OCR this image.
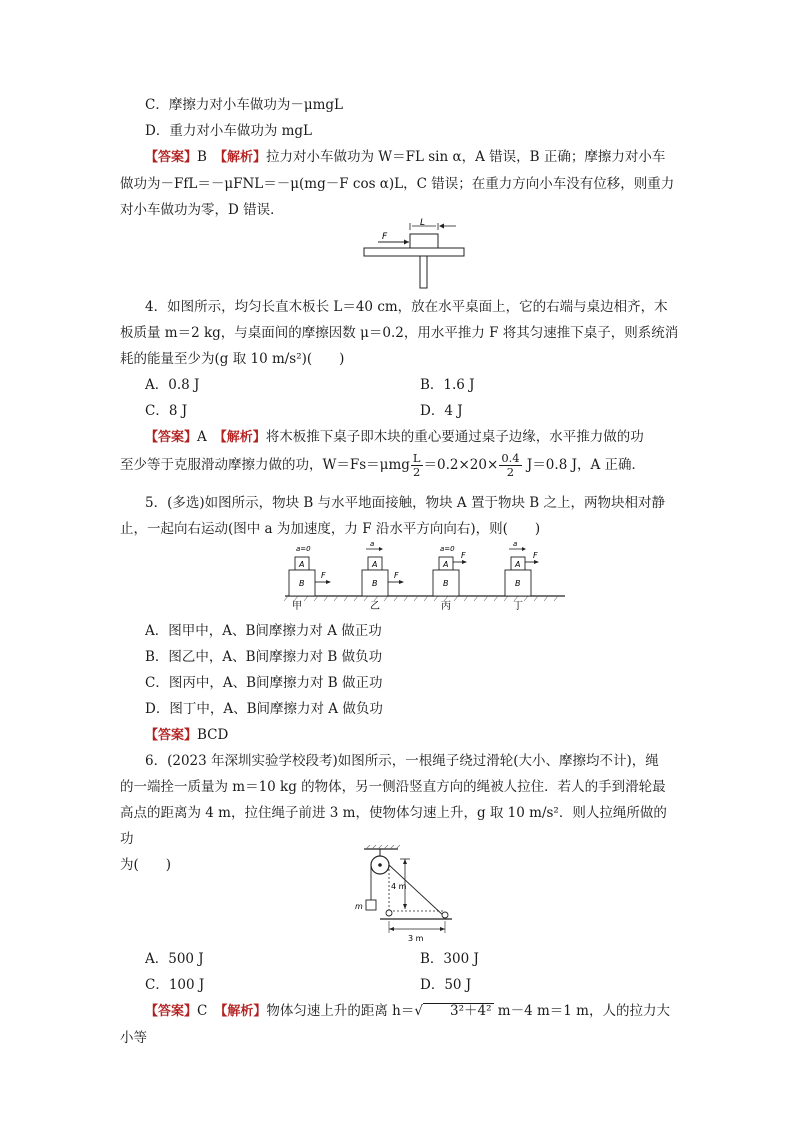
C．摩擦力对小车做功为－μmgL
D．重力对小车做功为 mgL
【答案】B　 【解析】拉力对小车做功为 W＝FL sin α，A 错误，B 正确；摩擦力对小车
做功为－FfL＝－μFNL＝－μ(mg－F cos α)L，C 错误；在重力方向小车没有位移，则重力
对小车做功为零，D 错误．
F
L
4．如图所示，均匀长直木板长 L＝40 cm，放在水平桌面上，它的右端与桌边相齐，木
板质量 m＝2 kg，与桌面间的摩擦因数 μ＝0.2，用水平推力 F 将其匀速推下桌子，则系统消
耗的能量至少为(g 取 10 m/s²)(　　)
A．0.8 J	B．1.6 J
C．8 J	D．4 J
【答案】A　 【解析】将木板推下桌子即木块的重心要通过桌子边缘，水平推力做的功
至少等于克服滑动摩擦力做的功，$W=Fs=\mu mg \frac{L}{2} =0.2\times 20\times \frac{0.4}{2} J=0.8$ J，A 正确．
5．(多选)如图所示，物块 B 与水平地面接触，物块 A 置于物块 B 之上，两物块相对静
止，一起向右运动(图中 a 为加速度，力 F 沿水平方向向右)，则(　　)
a=0
A
B
F
甲
a
A
B
F
乙
a=0
A
F
B
丙
a
A
F
B
丁
A．图甲中，A、B间摩擦力对 A 做正功
B．图乙中，A、B间摩擦力对 B 做负功
C．图丙中，A、B间摩擦力对 B 做正功
D．图丁中，A、B间摩擦力对 A 做负功
【答案】BCD
6．(2023 年深圳实验学校段考)如图所示，一根绳子绕过滑轮(大小、摩擦均不计)，绳
的一端拴一质量为 m＝10 kg 的物体，另一侧沿竖直方向的绳被人拉住．若人的手到滑轮最
高点的距离为 4 m，拉住绳子前进 3 m，使物体匀速上升，g 取 10 m/s²．则人拉绳所做的功
为(　　)
m
4 m
3 m
A．500 J	B．300 J
C．100 J	D．50 J
【答案】C　 【解析】物体匀速上升的距离 h＝√ 3²＋4² m－4 m＝1 m，人的拉力大小等
